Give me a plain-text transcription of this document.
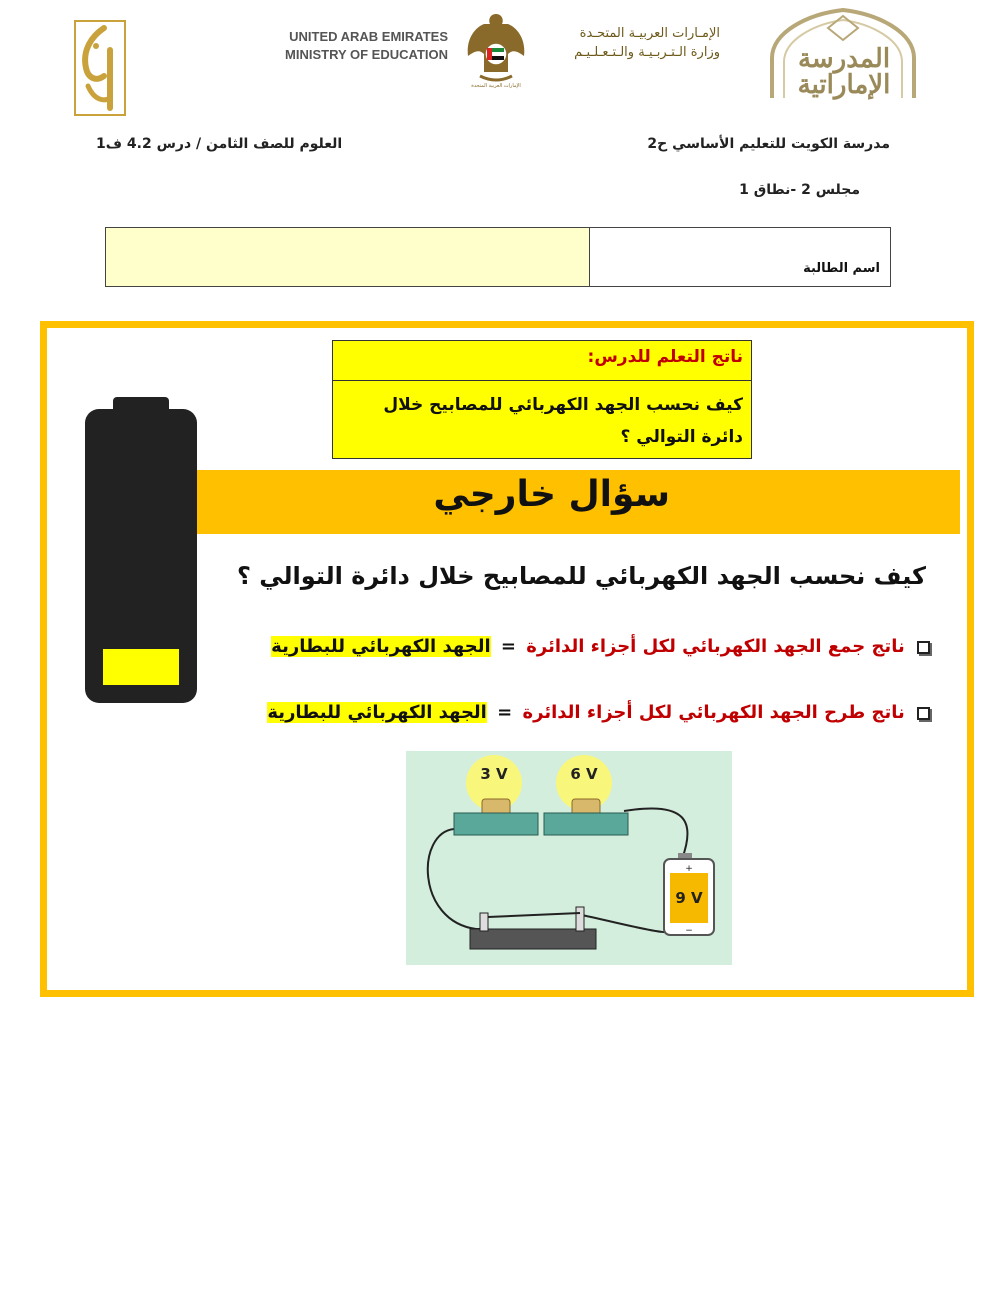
UNITED ARAB EMIRATES
MINISTRY OF EDUCATION
الإمارات العربية المتحدة
الإمـارات العربيـة المتحـدة
وزارة الـتـربـيـة والـتـعـلـيـم	المدرسة
الإماراتية
مدرسة الكويت للتعليم الأساسي ح2
العلوم للصف الثامن / درس 4.2 ف1
مجلس 2 -نطاق 1
اسم الطالبة
سؤال خارجي
ناتج التعلم للدرس:
كيف نحسب الجهد الكهربائي للمصابيح خلال دائرة التوالي ؟
كيف نحسب الجهد الكهربائي للمصابيح خلال دائرة التوالي ؟
ناتج جمع الجهد الكهربائي لكل أجزاء الدائرة = الجهد الكهربائي للبطارية
ناتج طرح الجهد الكهربائي لكل أجزاء الدائرة = الجهد الكهربائي للبطارية
3 V	6 V
+
−
9 V
